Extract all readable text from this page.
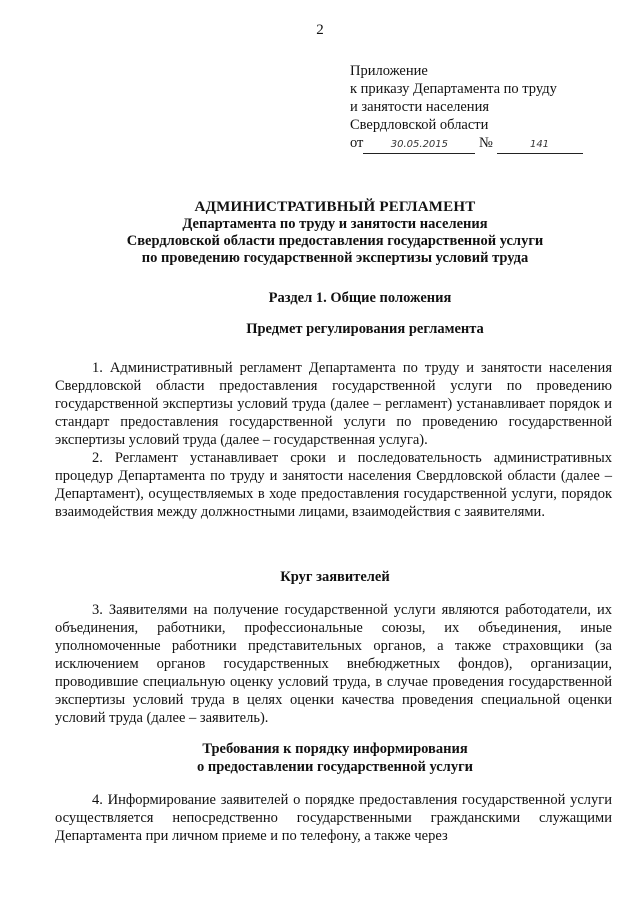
2
Приложение
к приказу Департамента по труду
и занятости населения
Свердловской области
от	30.05.2015 №	141
АДМИНИСТРАТИВНЫЙ РЕГЛАМЕНТ
Департамента по труду и занятости населения
Свердловской области предоставления государственной услуги
по проведению государственной экспертизы условий труда
Раздел 1. Общие положения
Предмет регулирования регламента

1. Административный регламент Департамента по труду и занятости населения Свердловской области предоставления государственной услуги по проведению государственной экспертизы условий труда (далее – регламент) устанавливает порядок и стандарт предоставления государственной услуги по проведению государственной экспертизы условий труда (далее – государственная услуга).

2. Регламент устанавливает сроки и последовательность административных процедур Департамента по труду и занятости населения Свердловской области (далее – Департамент), осуществляемых в ходе предоставления государственной услуги, порядок взаимодействия между должностными лицами, взаимодействия с заявителями.

Круг заявителей

3. Заявителями на получение государственной услуги являются работодатели, их объединения, работники, профессиональные союзы, их объединения, иные уполномоченные работники представительных органов, а также страховщики (за исключением органов государственных внебюджетных фондов), организации, проводившие специальную оценку условий труда, в случае проведения государственной экспертизы условий труда в целях оценки качества проведения специальной оценки условий труда (далее – заявитель).

Требования к порядку информирования
о предоставлении государственной услуги

4. Информирование заявителей о порядке предоставления государственной услуги осуществляется непосредственно государственными гражданскими служащими Департамента при личном приеме и по телефону, а также через
